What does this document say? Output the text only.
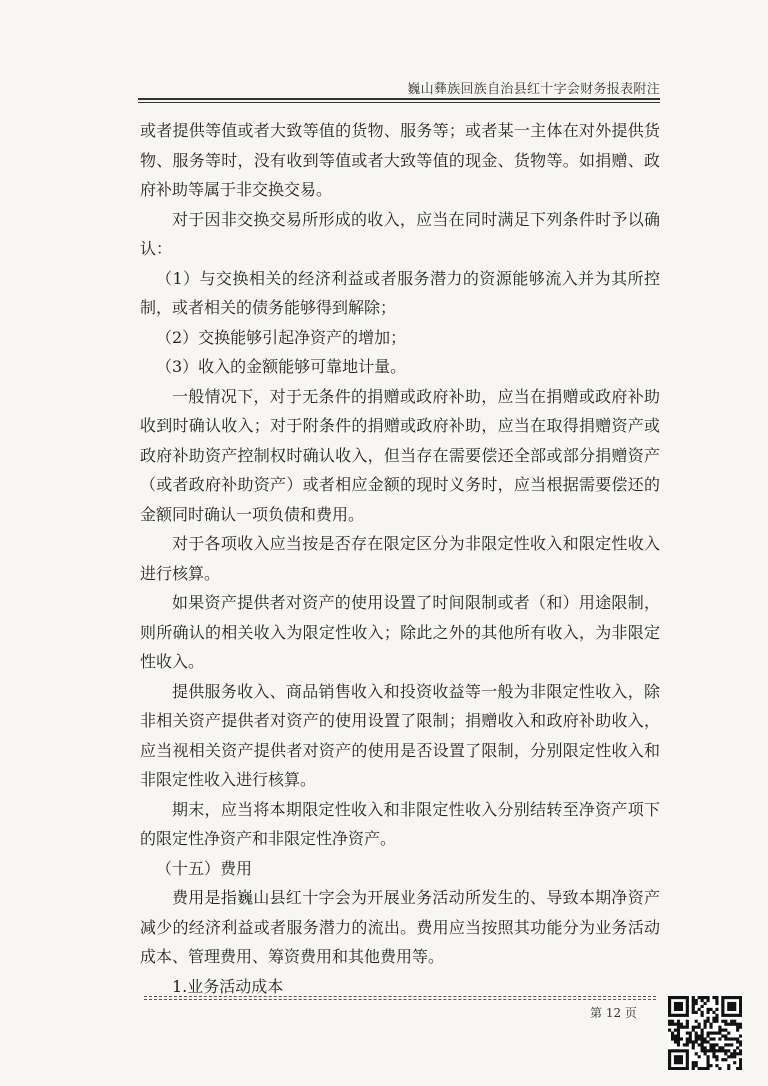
巍山彝族回族自治县红十字会财务报表附注

或者提供等值或者大致等值的货物、服务等；或者某一主体在对外提供货物、服务等时，没有收到等值或者大致等值的现金、货物等。如捐赠、政府补助等属于非交换交易。

对于因非交换交易所形成的收入，应当在同时满足下列条件时予以确认：

（1）与交换相关的经济利益或者服务潜力的资源能够流入并为其所控制，或者相关的债务能够得到解除；

（2）交换能够引起净资产的增加；

（3）收入的金额能够可靠地计量。

一般情况下，对于无条件的捐赠或政府补助，应当在捐赠或政府补助收到时确认收入；对于附条件的捐赠或政府补助，应当在取得捐赠资产或政府补助资产控制权时确认收入，但当存在需要偿还全部或部分捐赠资产（或者政府补助资产）或者相应金额的现时义务时，应当根据需要偿还的金额同时确认一项负债和费用。

对于各项收入应当按是否存在限定区分为非限定性收入和限定性收入进行核算。

如果资产提供者对资产的使用设置了时间限制或者（和）用途限制，则所确认的相关收入为限定性收入；除此之外的其他所有收入，为非限定性收入。

提供服务收入、商品销售收入和投资收益等一般为非限定性收入，除非相关资产提供者对资产的使用设置了限制；捐赠收入和政府补助收入，应当视相关资产提供者对资产的使用是否设置了限制，分别限定性收入和非限定性收入进行核算。

期末，应当将本期限定性收入和非限定性收入分别结转至净资产项下的限定性净资产和非限定性净资产。

（十五）费用

费用是指巍山县红十字会为开展业务活动所发生的、导致本期净资产减少的经济利益或者服务潜力的流出。费用应当按照其功能分为业务活动成本、管理费用、筹资费用和其他费用等。

1.业务活动成本

第 12 页
